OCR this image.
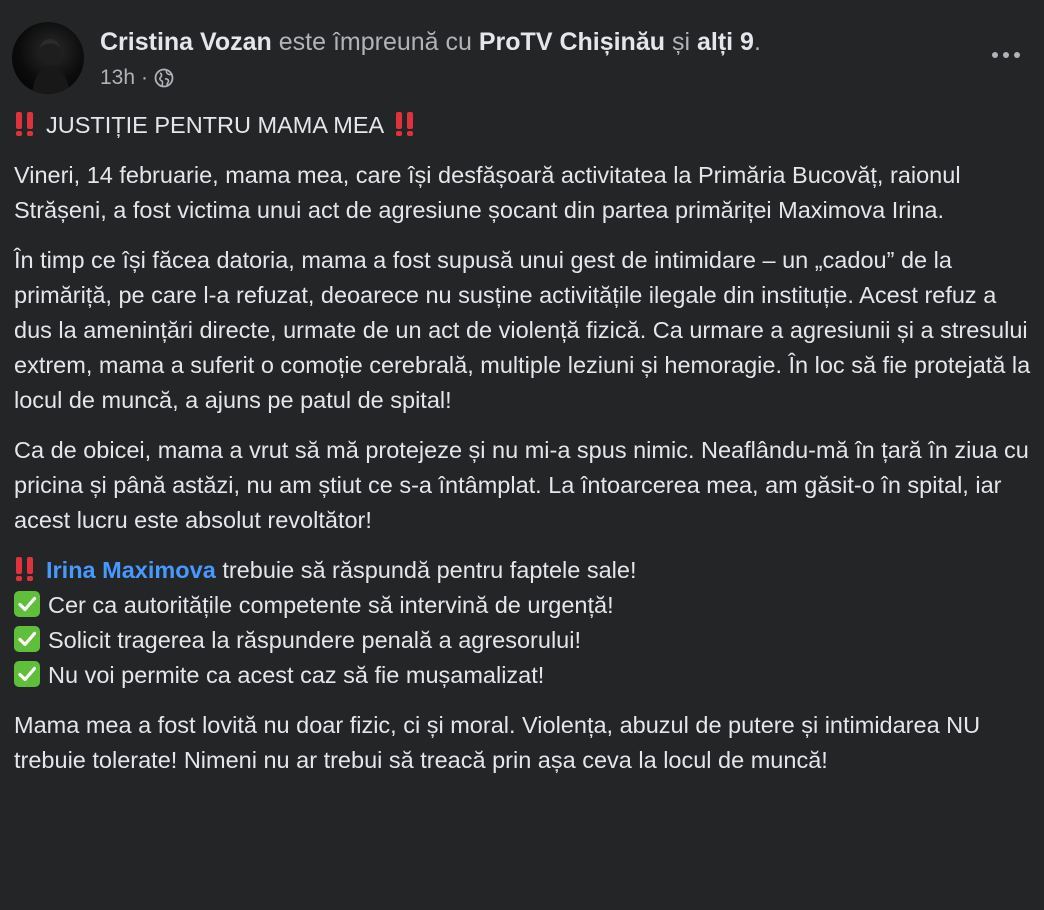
Cristina Vozan este împreună cu ProTV Chișinău și alți 9.
13h ·

JUSTIȚIE PENTRU MAMA MEA

Vineri, 14 februarie, mama mea, care își desfășoară activitatea la Primăria Bucovăț, raionul Strășeni, a fost victima unui act de agresiune șocant din partea primăriței Maximova Irina.

În timp ce își făcea datoria, mama a fost supusă unui gest de intimidare – un „cadou” de la primăriță, pe care l-a refuzat, deoarece nu susține activitățile ilegale din instituție. Acest refuz a dus la amenințări directe, urmate de un act de violență fizică. Ca urmare a agresiunii și a stresului extrem, mama a suferit o comoție cerebrală, multiple leziuni și hemoragie. În loc să fie protejată la locul de muncă, a ajuns pe patul de spital!

Ca de obicei, mama a vrut să mă protejeze și nu mi-a spus nimic. Neaflându-mă în țară în ziua cu pricina și până astăzi, nu am știut ce s-a întâmplat. La întoarcerea mea, am găsit-o în spital, iar acest lucru este absolut revoltător!

Irina Maximova trebuie să răspundă pentru faptele sale!
Cer ca autoritățile competente să intervină de urgență!
Solicit tragerea la răspundere penală a agresorului!
Nu voi permite ca acest caz să fie mușamalizat!

Mama mea a fost lovită nu doar fizic, ci și moral. Violența, abuzul de putere și intimidarea NU trebuie tolerate! Nimeni nu ar trebui să treacă prin așa ceva la locul de muncă!
